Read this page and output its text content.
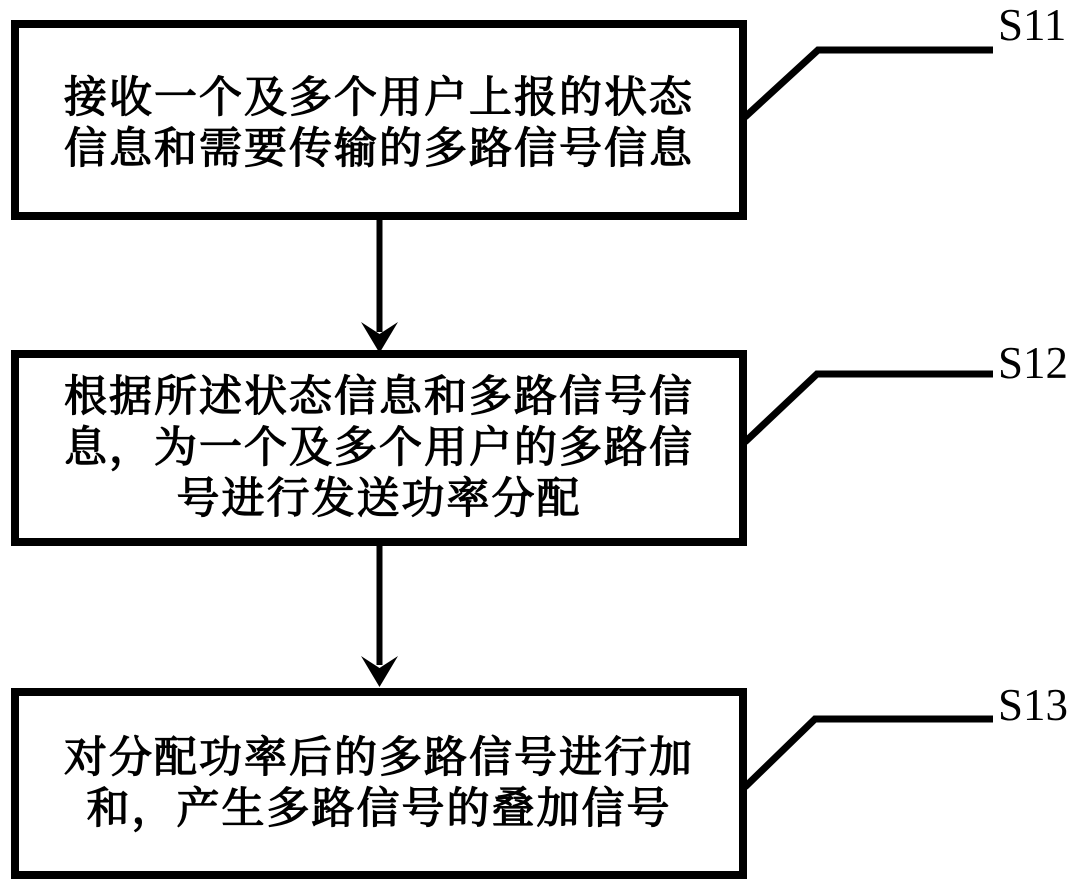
接收一个及多个用户上报的状态
信息和需要传输的多路信号信息
根据所述状态信息和多路信号信
息，为一个及多个用户的多路信
号进行发送功率分配
对分配功率后的多路信号进行加
和，产生多路信号的叠加信号
S11
S12
S13
